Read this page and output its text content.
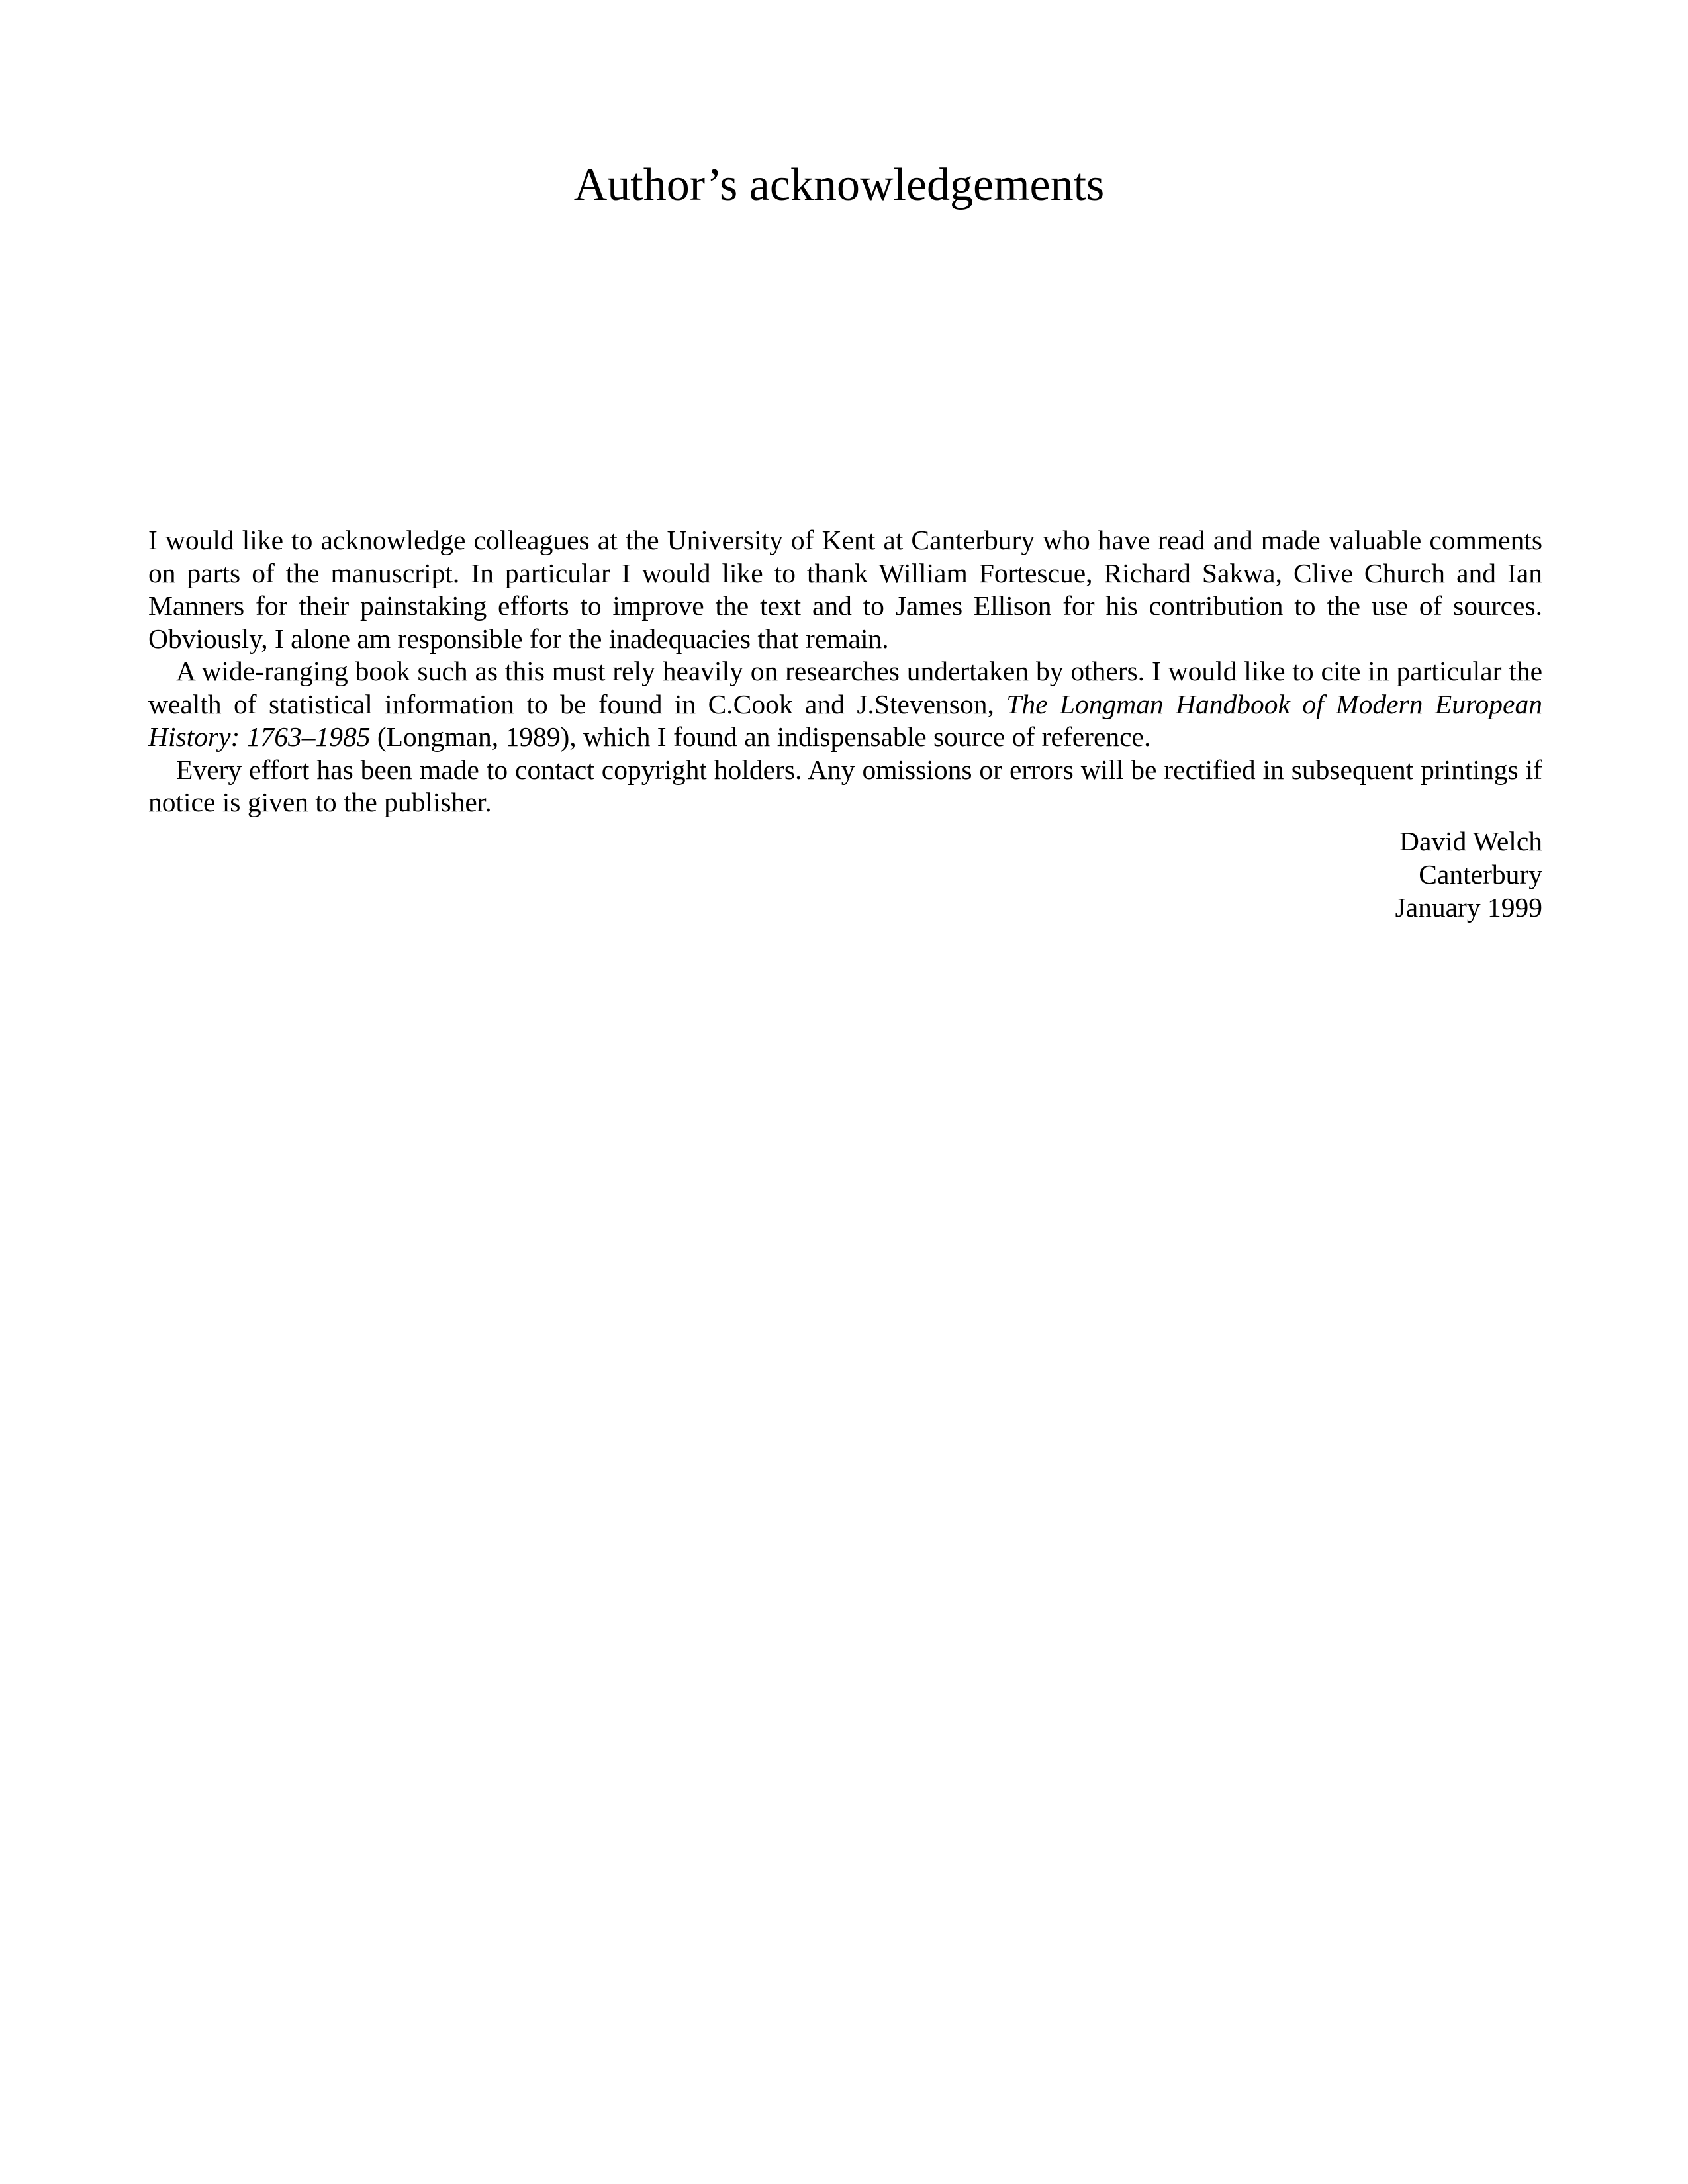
Author’s acknowledgements

I would like to acknowledge colleagues at the University of Kent at Canterbury who have read and made valuable comments on parts of the manuscript. In particular I would like to thank William Fortescue, Richard Sakwa, Clive Church and Ian Manners for their painstaking efforts to improve the text and to James Ellison for his contribution to the use of sources. Obviously, I alone am responsible for the inadequacies that remain.

A wide-ranging book such as this must rely heavily on researches undertaken by others. I would like to cite in particular the wealth of statistical information to be found in C.Cook and J.Stevenson, The Longman Handbook of Modern European History: 1763–1985 (Longman, 1989), which I found an indispensable source of reference.

Every effort has been made to contact copyright holders. Any omissions or errors will be rectified in subsequent printings if notice is given to the publisher.

David Welch
Canterbury
January 1999
